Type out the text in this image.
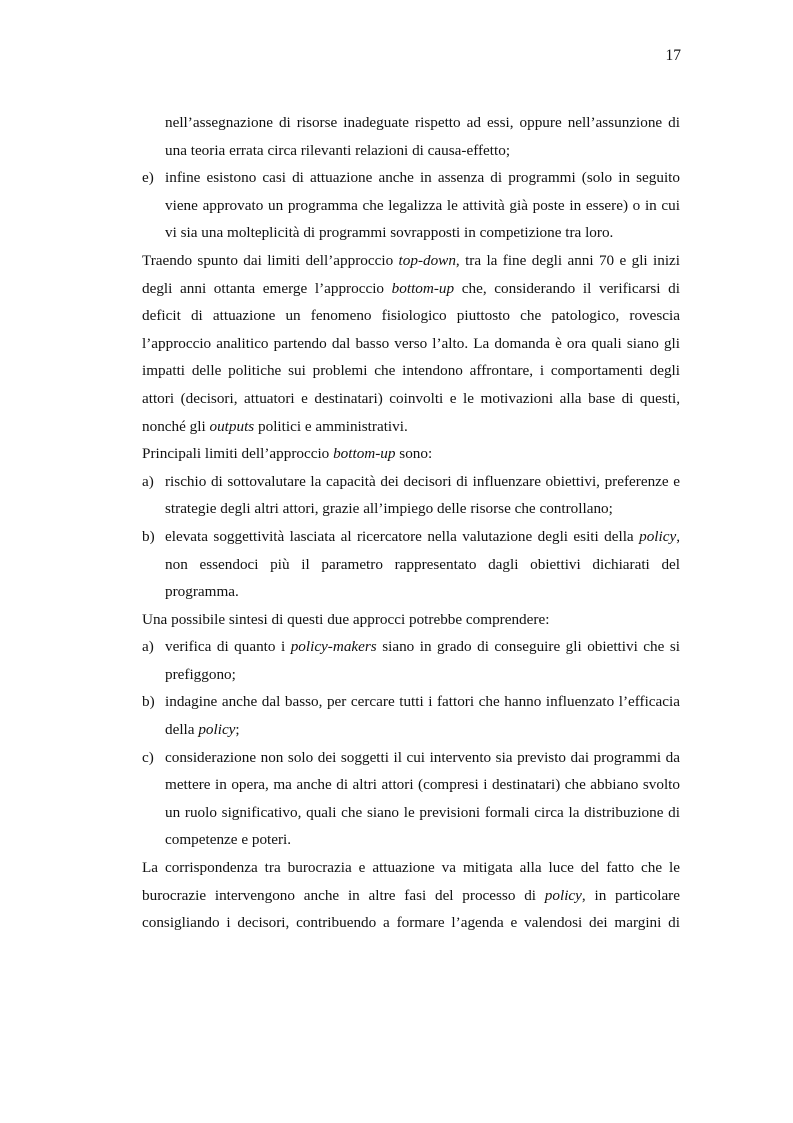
17

nell’assegnazione di risorse inadeguate rispetto ad essi, oppure nell’assunzione di una teoria errata circa rilevanti relazioni di causa-effetto;

e) infine esistono casi di attuazione anche in assenza di programmi (solo in seguito viene approvato un programma che legalizza le attività già poste in essere) o in cui vi sia una molteplicità di programmi sovrapposti in competizione tra loro.

Traendo spunto dai limiti dell’approccio top-down, tra la fine degli anni 70 e gli inizi degli anni ottanta emerge l’approccio bottom-up che, considerando il verificarsi di deficit di attuazione un fenomeno fisiologico piuttosto che patologico, rovescia l’approccio analitico partendo dal basso verso l’alto. La domanda è ora quali siano gli impatti delle politiche sui problemi che intendono affrontare, i comportamenti degli attori (decisori, attuatori e destinatari) coinvolti e le motivazioni alla base di questi, nonché gli outputs politici e amministrativi.

Principali limiti dell’approccio bottom-up sono:

a) rischio di sottovalutare la capacità dei decisori di influenzare obiettivi, preferenze e strategie degli altri attori, grazie all’impiego delle risorse che controllano;

b) elevata soggettività lasciata al ricercatore nella valutazione degli esiti della policy, non essendoci più il parametro rappresentato dagli obiettivi dichiarati del programma.

Una possibile sintesi di questi due approcci potrebbe comprendere:

a) verifica di quanto i policy-makers siano in grado di conseguire gli obiettivi che si prefiggono;

b) indagine anche dal basso, per cercare tutti i fattori che hanno influenzato l’efficacia della policy;

c) considerazione non solo dei soggetti il cui intervento sia previsto dai programmi da mettere in opera, ma anche di altri attori (compresi i destinatari) che abbiano svolto un ruolo significativo, quali che siano le previsioni formali circa la distribuzione di competenze e poteri.

La corrispondenza tra burocrazia e attuazione va mitigata alla luce del fatto che le burocrazie intervengono anche in altre fasi del processo di policy, in particolare consigliando i decisori, contribuendo a formare l’agenda e valendosi dei margini di
